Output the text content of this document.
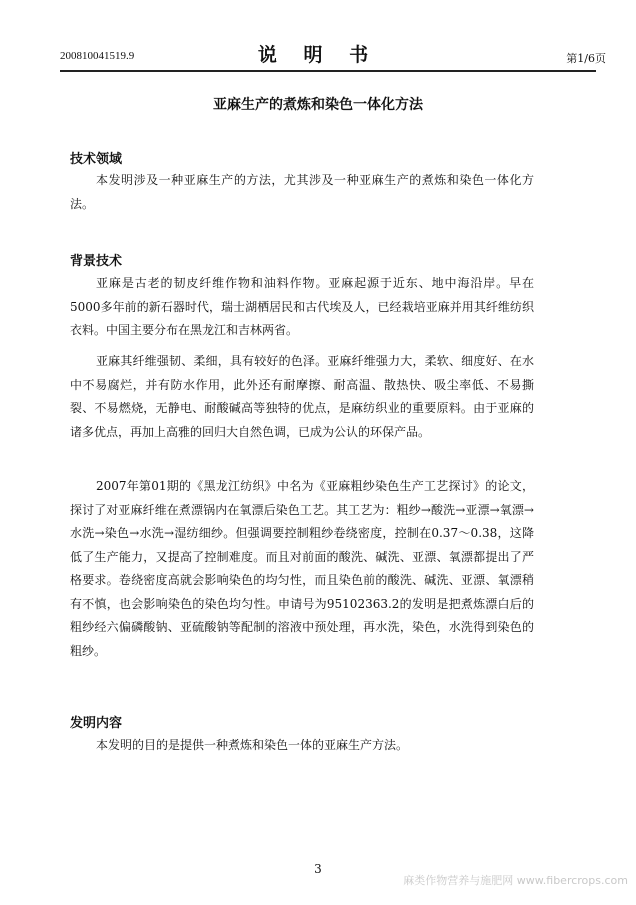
200810041519.9	说 明 书	第1/6页
亚麻生产的煮炼和染色一体化方法
技术领域
本发明涉及一种亚麻生产的方法，尤其涉及一种亚麻生产的煮炼和染色一体化方法。
背景技术
亚麻是古老的韧皮纤维作物和油料作物。亚麻起源于近东、地中海沿岸。早在5000多年前的新石器时代，瑞士湖栖居民和古代埃及人，已经栽培亚麻并用其纤维纺织衣料。中国主要分布在黑龙江和吉林两省。
亚麻其纤维强韧、柔细，具有较好的色泽。亚麻纤维强力大，柔软、细度好、在水中不易腐烂，并有防水作用，此外还有耐摩擦、耐高温、散热快、吸尘率低、不易撕裂、不易燃烧，无静电、耐酸碱高等独特的优点，是麻纺织业的重要原料。由于亚麻的诸多优点，再加上高雅的回归大自然色调，已成为公认的环保产品。
2007年第01期的《黑龙江纺织》中名为《亚麻粗纱染色生产工艺探讨》的论文，探讨了对亚麻纤维在煮漂锅内在氧漂后染色工艺。其工艺为：粗纱→酸洗→亚漂→氧漂→水洗→染色→水洗→湿纺细纱。但强调要控制粗纱卷绕密度，控制在0.37～0.38，这降低了生产能力，又提高了控制难度。而且对前面的酸洗、碱洗、亚漂、氧漂都提出了严格要求。卷绕密度高就会影响染色的均匀性，而且染色前的酸洗、碱洗、亚漂、氧漂稍有不慎，也会影响染色的染色均匀性。申请号为95102363.2的发明是把煮炼漂白后的粗纱经六偏磷酸钠、亚硫酸钠等配制的溶液中预处理，再水洗，染色，水洗得到染色的粗纱。
发明内容
本发明的目的是提供一种煮炼和染色一体的亚麻生产方法。
3
麻类作物营养与施肥网 www.fibercrops.com
